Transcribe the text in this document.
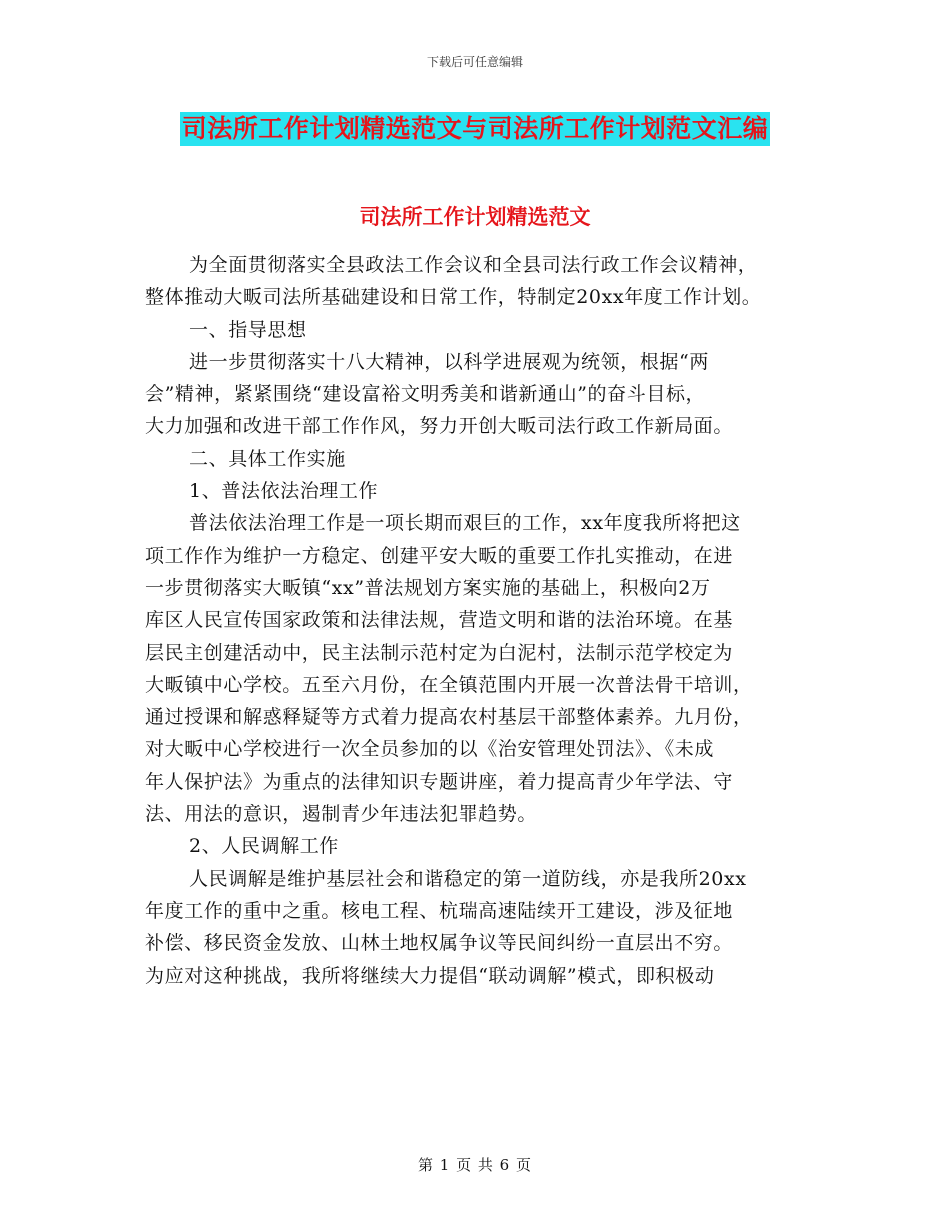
下载后可任意编辑
司法所工作计划精选范文与司法所工作计划范文汇编
司法所工作计划精选范文
为全面贯彻落实全县政法工作会议和全县司法行政工作会议精神，
整体推动大畈司法所基础建设和日常工作，特制定20xx年度工作计划。
一、指导思想
进一步贯彻落实十八大精神，以科学进展观为统领，根据“两
会”精神，紧紧围绕“建设富裕文明秀美和谐新通山”的奋斗目标，
大力加强和改进干部工作作风，努力开创大畈司法行政工作新局面。
二、具体工作实施
1、普法依法治理工作
普法依法治理工作是一项长期而艰巨的工作，xx年度我所将把这
项工作作为维护一方稳定、创建平安大畈的重要工作扎实推动，在进
一步贯彻落实大畈镇“xx”普法规划方案实施的基础上，积极向2万
库区人民宣传国家政策和法律法规，营造文明和谐的法治环境。在基
层民主创建活动中，民主法制示范村定为白泥村，法制示范学校定为
大畈镇中心学校。五至六月份，在全镇范围内开展一次普法骨干培训，
通过授课和解惑释疑等方式着力提高农村基层干部整体素养。九月份，
对大畈中心学校进行一次全员参加的以《治安管理处罚法》、《未成
年人保护法》为重点的法律知识专题讲座，着力提高青少年学法、守
法、用法的意识，遏制青少年违法犯罪趋势。
2、人民调解工作
人民调解是维护基层社会和谐稳定的第一道防线，亦是我所20xx
年度工作的重中之重。核电工程、杭瑞高速陆续开工建设，涉及征地
补偿、移民资金发放、山林土地权属争议等民间纠纷一直层出不穷。
为应对这种挑战，我所将继续大力提倡“联动调解”模式，即积极动
第 1 页 共 6 页
